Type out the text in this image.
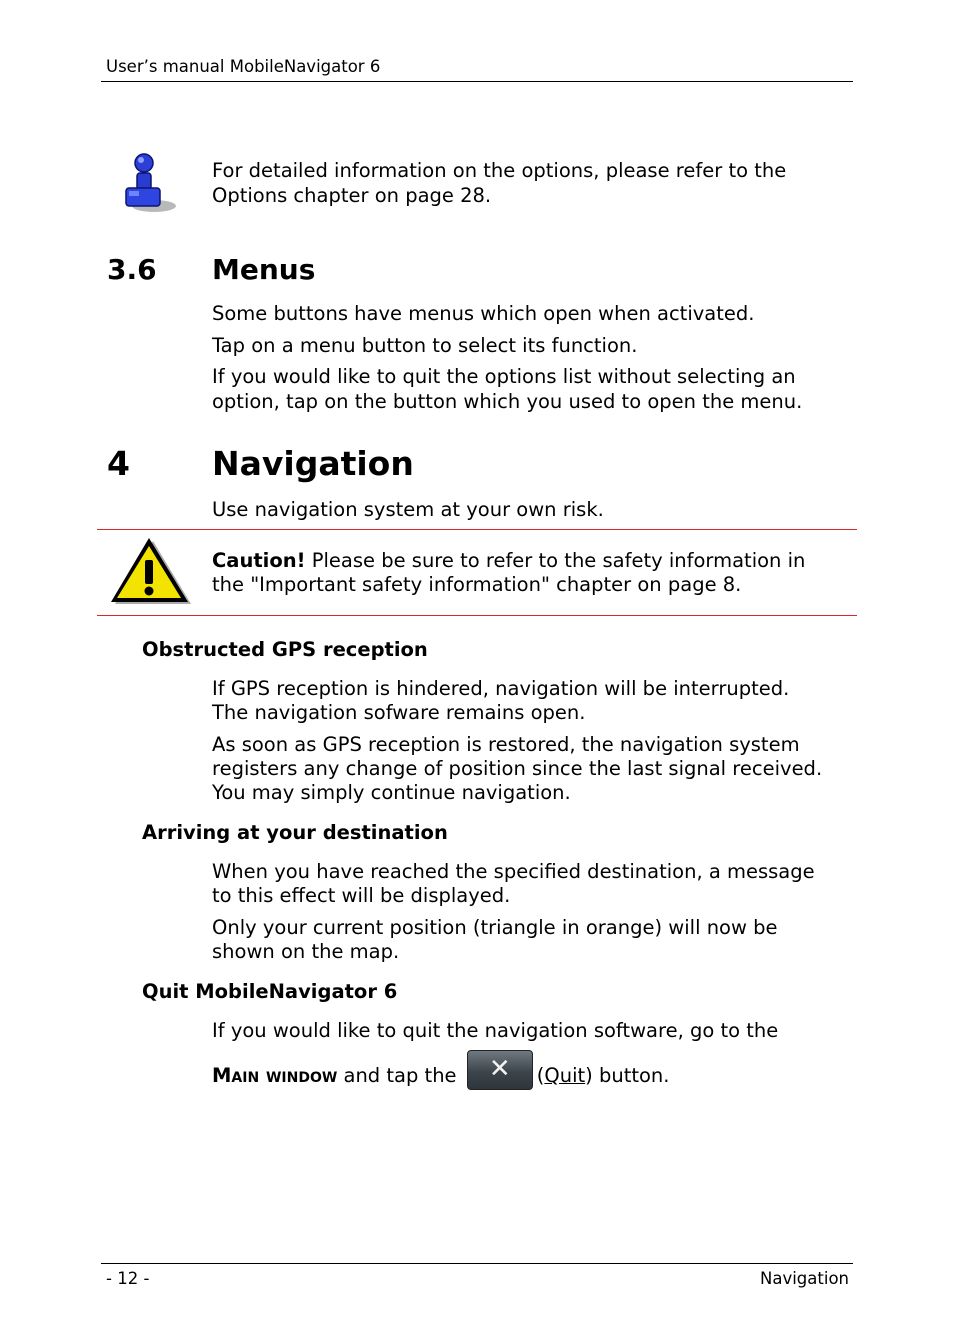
User’s manual MobileNavigator 6
For detailed information on the options, please refer to the
Options chapter on page 28.
3.6 Menus
Some buttons have menus which open when activated.
Tap on a menu button to select its function.
If you would like to quit the options list without selecting an
option, tap on the button which you used to open the menu.
4 Navigation
Use navigation system at your own risk.
Caution! Please be sure to refer to the safety information in
the "Important safety information" chapter on page 8.
Obstructed GPS reception
If GPS reception is hindered, navigation will be interrupted.
The navigation sofware remains open.
As soon as GPS reception is restored, the navigation system
registers any change of position since the last signal received.
You may simply continue navigation.
Arriving at your destination
When you have reached the specified destination, a message
to this effect will be displayed.
Only your current position (triangle in orange) will now be
shown on the map.
Quit MobileNavigator 6
If you would like to quit the navigation software, go to the
Main window and tap the	✕	(Quit) button.
- 12 -	Navigation
